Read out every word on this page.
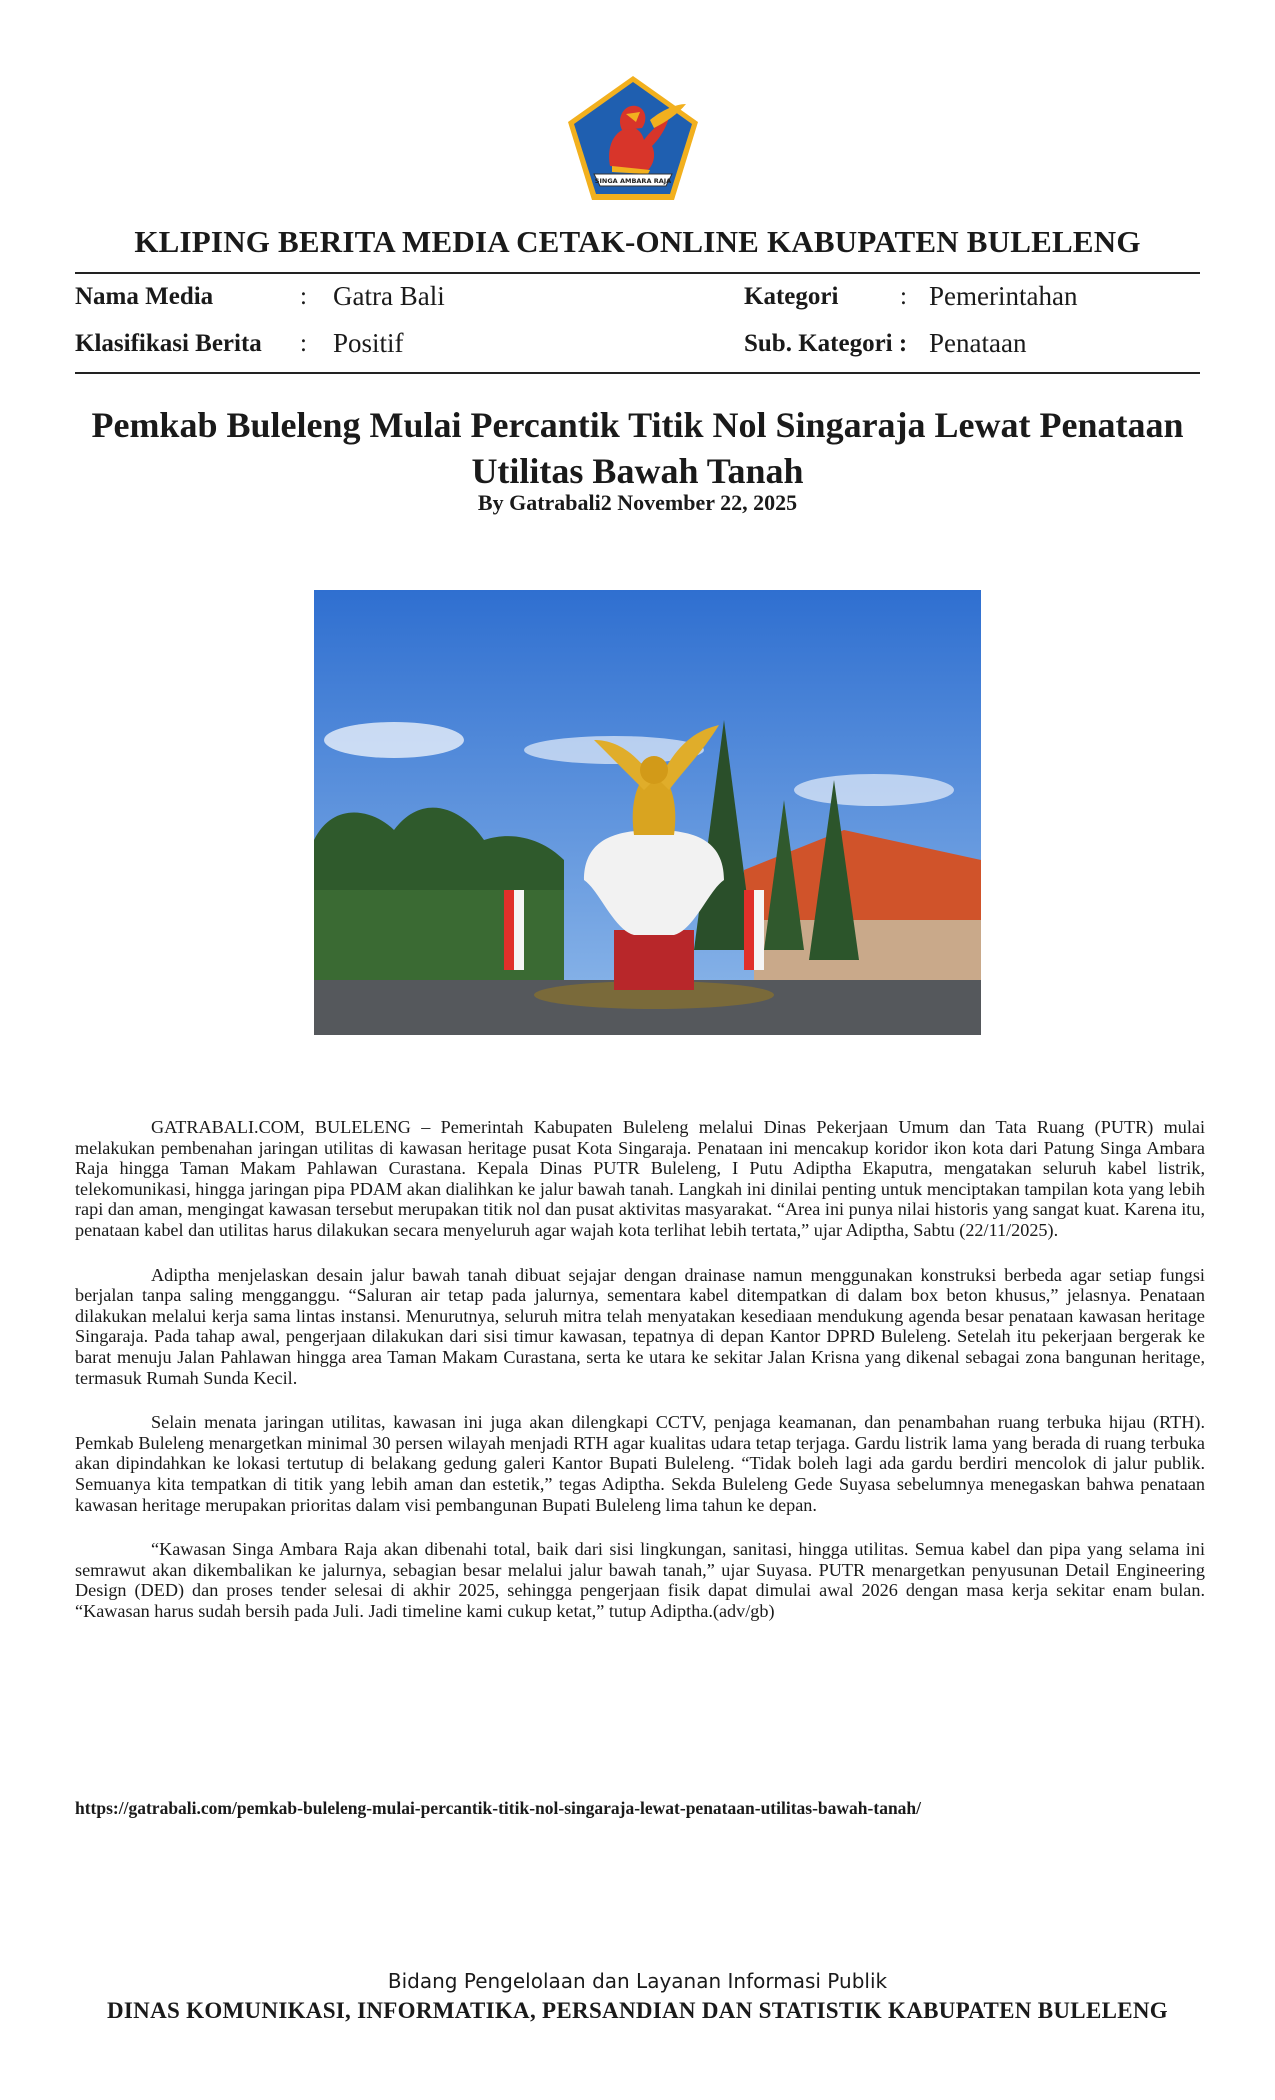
SINGA AMBARA RAJA
KLIPING BERITA MEDIA CETAK-ONLINE KABUPATEN BULELENG
Nama Media	: Gatra Bali	Kategori : Pemerintahan
Klasifikasi Berita : Positif	Sub. Kategori : Penataan
Pemkab Buleleng Mulai Percantik Titik Nol Singaraja Lewat Penataan
Utilitas Bawah Tanah
By Gatrabali2 November 22, 2025

GATRABALI.COM, BULELENG – Pemerintah Kabupaten Buleleng melalui Dinas Pekerjaan Umum dan Tata Ruang (PUTR) mulai melakukan pembenahan jaringan utilitas di kawasan heritage pusat Kota Singaraja. Penataan ini mencakup koridor ikon kota dari Patung Singa Ambara Raja hingga Taman Makam Pahlawan Curastana. Kepala Dinas PUTR Buleleng, I Putu Adiptha Ekaputra, mengatakan seluruh kabel listrik, telekomunikasi, hingga jaringan pipa PDAM akan dialihkan ke jalur bawah tanah. Langkah ini dinilai penting untuk menciptakan tampilan kota yang lebih rapi dan aman, mengingat kawasan tersebut merupakan titik nol dan pusat aktivitas masyarakat. “Area ini punya nilai historis yang sangat kuat. Karena itu, penataan kabel dan utilitas harus dilakukan secara menyeluruh agar wajah kota terlihat lebih tertata,” ujar Adiptha, Sabtu (22/11/2025).

Adiptha menjelaskan desain jalur bawah tanah dibuat sejajar dengan drainase namun menggunakan konstruksi berbeda agar setiap fungsi berjalan tanpa saling mengganggu. “Saluran air tetap pada jalurnya, sementara kabel ditempatkan di dalam box beton khusus,” jelasnya. Penataan dilakukan melalui kerja sama lintas instansi. Menurutnya, seluruh mitra telah menyatakan kesediaan mendukung agenda besar penataan kawasan heritage Singaraja. Pada tahap awal, pengerjaan dilakukan dari sisi timur kawasan, tepatnya di depan Kantor DPRD Buleleng. Setelah itu pekerjaan bergerak ke barat menuju Jalan Pahlawan hingga area Taman Makam Curastana, serta ke utara ke sekitar Jalan Krisna yang dikenal sebagai zona bangunan heritage, termasuk Rumah Sunda Kecil.

Selain menata jaringan utilitas, kawasan ini juga akan dilengkapi CCTV, penjaga keamanan, dan penambahan ruang terbuka hijau (RTH). Pemkab Buleleng menargetkan minimal 30 persen wilayah menjadi RTH agar kualitas udara tetap terjaga. Gardu listrik lama yang berada di ruang terbuka akan dipindahkan ke lokasi tertutup di belakang gedung galeri Kantor Bupati Buleleng. “Tidak boleh lagi ada gardu berdiri mencolok di jalur publik. Semuanya kita tempatkan di titik yang lebih aman dan estetik,” tegas Adiptha. Sekda Buleleng Gede Suyasa sebelumnya menegaskan bahwa penataan kawasan heritage merupakan prioritas dalam visi pembangunan Bupati Buleleng lima tahun ke depan.

“Kawasan Singa Ambara Raja akan dibenahi total, baik dari sisi lingkungan, sanitasi, hingga utilitas. Semua kabel dan pipa yang selama ini semrawut akan dikembalikan ke jalurnya, sebagian besar melalui jalur bawah tanah,” ujar Suyasa. PUTR menargetkan penyusunan Detail Engineering Design (DED) dan proses tender selesai di akhir 2025, sehingga pengerjaan fisik dapat dimulai awal 2026 dengan masa kerja sekitar enam bulan. “Kawasan harus sudah bersih pada Juli. Jadi timeline kami cukup ketat,” tutup Adiptha.(adv/gb)

https://gatrabali.com/pemkab-buleleng-mulai-percantik-titik-nol-singaraja-lewat-penataan-utilitas-bawah-tanah/
Bidang Pengelolaan dan Layanan Informasi Publik
DINAS KOMUNIKASI, INFORMATIKA, PERSANDIAN DAN STATISTIK KABUPATEN BULELENG
